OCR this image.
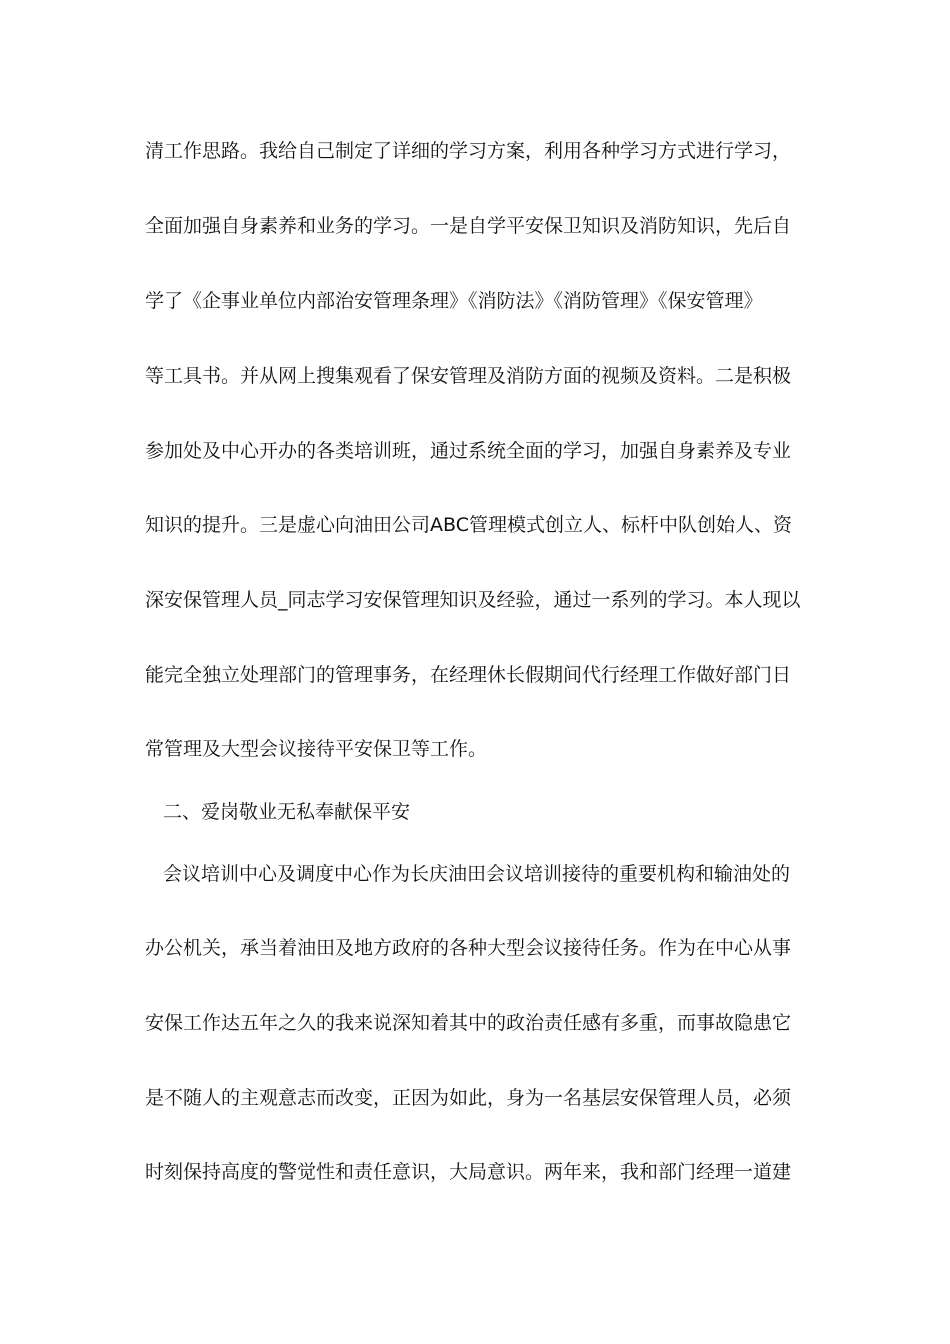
清工作思路。我给自己制定了详细的学习方案，利用各种学习方式进行学习，
全面加强自身素养和业务的学习。一是自学平安保卫知识及消防知识，先后自
学了《企事业单位内部治安管理条理》《消防法》《消防管理》《保安管理》
等工具书。并从网上搜集观看了保安管理及消防方面的视频及资料。二是积极
参加处及中心开办的各类培训班，通过系统全面的学习，加强自身素养及专业
知识的提升。三是虚心向油田公司ABC管理模式创立人、标杆中队创始人、资
深安保管理人员_同志学习安保管理知识及经验，通过一系列的学习。本人现以
能完全独立处理部门的管理事务，在经理休长假期间代行经理工作做好部门日
常管理及大型会议接待平安保卫等工作。
二、爱岗敬业无私奉献保平安
会议培训中心及调度中心作为长庆油田会议培训接待的重要机构和输油处的
办公机关，承当着油田及地方政府的各种大型会议接待任务。作为在中心从事
安保工作达五年之久的我来说深知着其中的政治责任感有多重，而事故隐患它
是不随人的主观意志而改变，正因为如此，身为一名基层安保管理人员，必须
时刻保持高度的警觉性和责任意识，大局意识。两年来，我和部门经理一道建
